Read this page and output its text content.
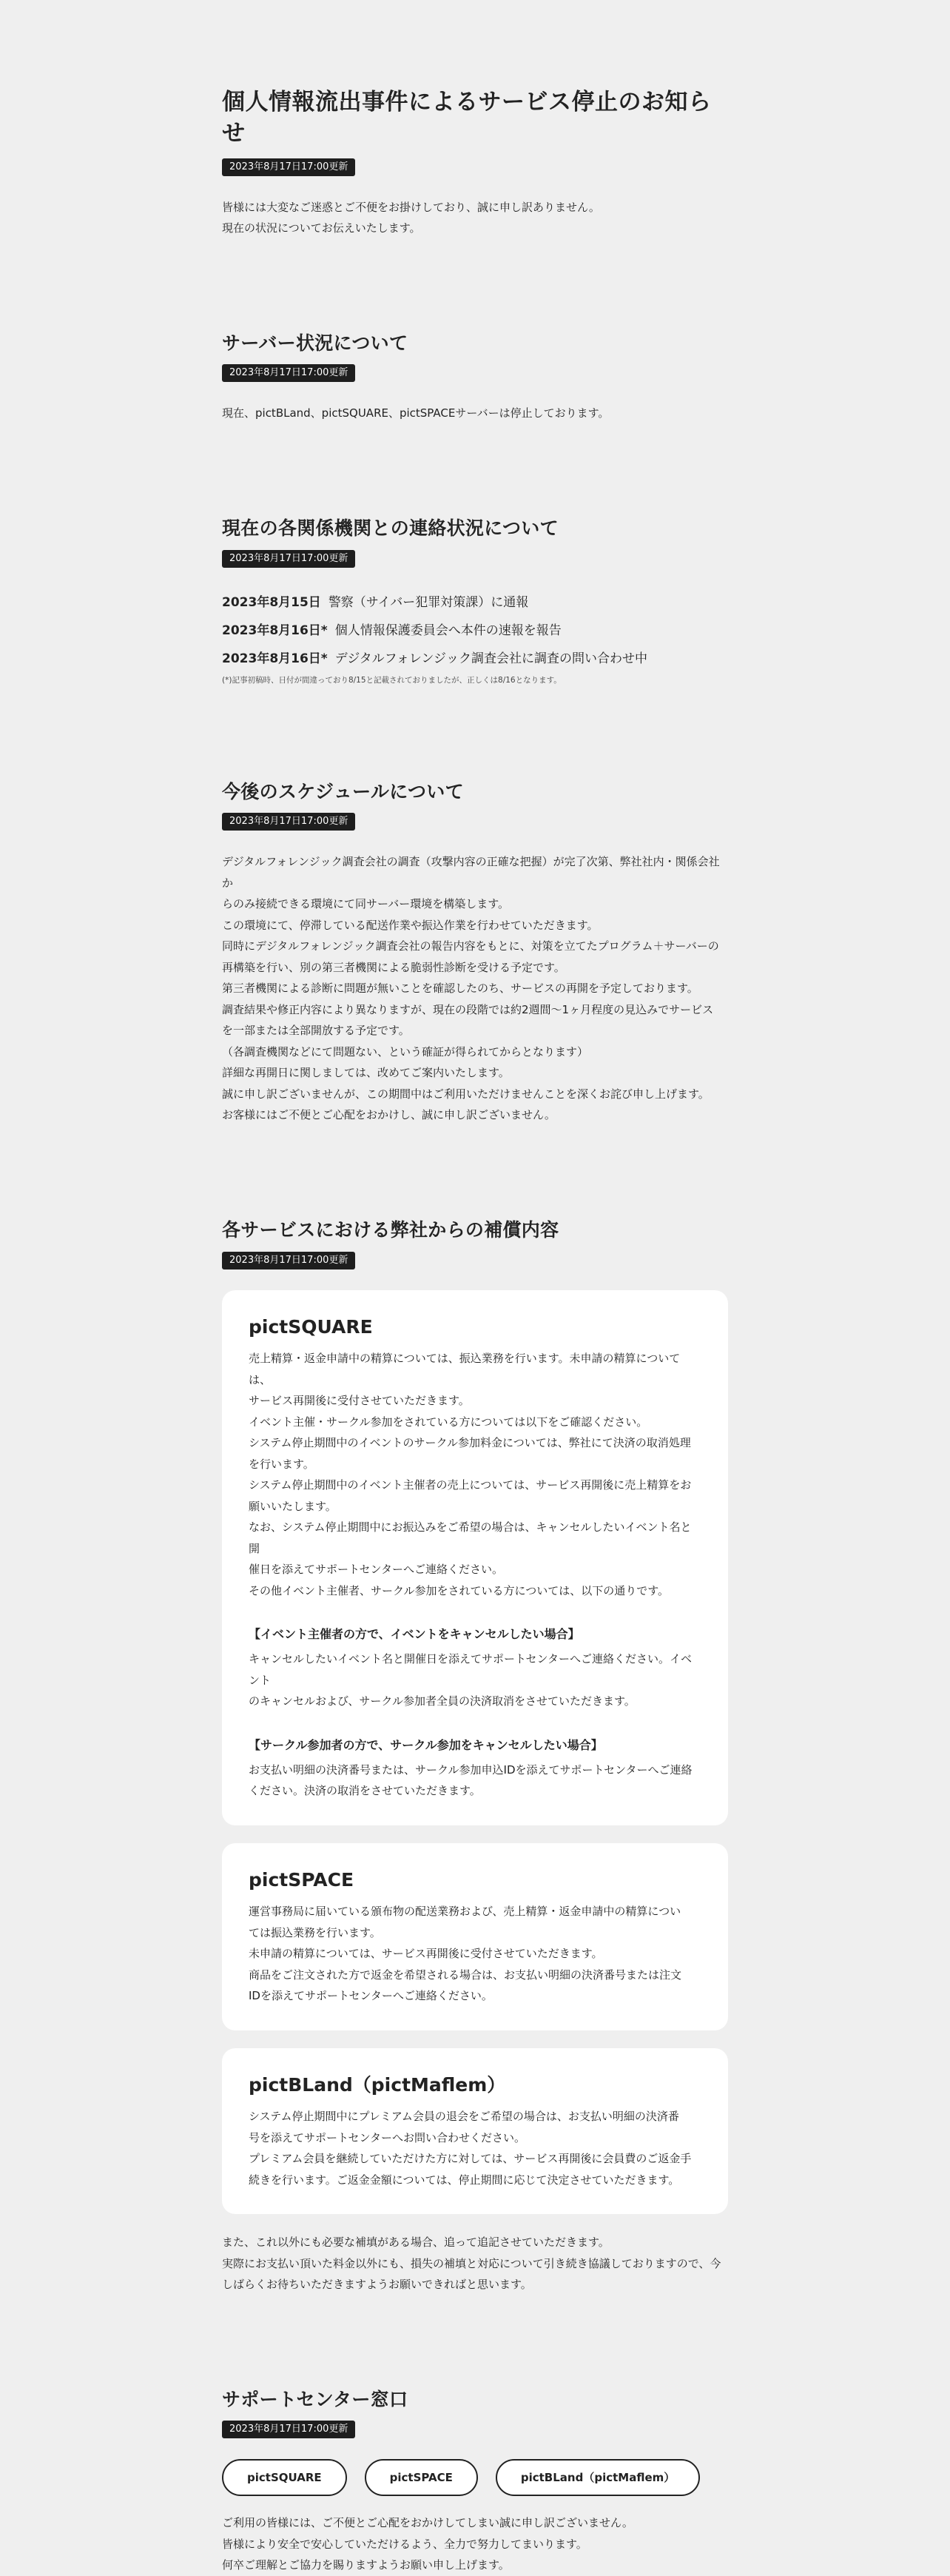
個人情報流出事件によるサービス停止のお知らせ
2023年8月17日17:00更新
皆様には大変なご迷惑とご不便をお掛けしており、誠に申し訳ありません。
現在の状況についてお伝えいたします。
サーバー状況について
2023年8月17日17:00更新
現在、pictBLand、pictSQUARE、pictSPACEサーバーは停止しております。
現在の各関係機関との連絡状況について
2023年8月17日17:00更新
2023年8月15日 警察（サイバー犯罪対策課）に通報
2023年8月16日* 個人情報保護委員会へ本件の速報を報告
2023年8月16日* デジタルフォレンジック調査会社に調査の問い合わせ中
(*)記事初稿時、日付が間違っており8/15と記載されておりましたが、正しくは8/16となります。
今後のスケジュールについて
2023年8月17日17:00更新
デジタルフォレンジック調査会社の調査（攻撃内容の正確な把握）が完了次第、弊社社内・関係会社か
らのみ接続できる環境にて同サーバー環境を構築します。
この環境にて、停滞している配送作業や振込作業を行わせていただきます。
同時にデジタルフォレンジック調査会社の報告内容をもとに、対策を立てたプログラム＋サーバーの
再構築を行い、別の第三者機関による脆弱性診断を受ける予定です。
第三者機関による診断に問題が無いことを確認したのち、サービスの再開を予定しております。
調査結果や修正内容により異なりますが、現在の段階では約2週間〜1ヶ月程度の見込みでサービス
を一部または全部開放する予定です。
（各調査機関などにて問題ない、という確証が得られてからとなります）
詳細な再開日に関しましては、改めてご案内いたします。
誠に申し訳ございませんが、この期間中はご利用いただけませんことを深くお詫び申し上げます。
お客様にはご不便とご心配をおかけし、誠に申し訳ございません。
各サービスにおける弊社からの補償内容
2023年8月17日17:00更新
pictSQUARE
売上精算・返金申請中の精算については、振込業務を行います。未申請の精算については、
サービス再開後に受付させていただきます。
イベント主催・サークル参加をされている方については以下をご確認ください。
システム停止期間中のイベントのサークル参加料金については、弊社にて決済の取消処理
を行います。
システム停止期間中のイベント主催者の売上については、サービス再開後に売上精算をお
願いいたします。
なお、システム停止期間中にお振込みをご希望の場合は、キャンセルしたいイベント名と開
催日を添えてサポートセンターへご連絡ください。
その他イベント主催者、サークル参加をされている方については、以下の通りです。
【イベント主催者の方で、イベントをキャンセルしたい場合】
キャンセルしたいイベント名と開催日を添えてサポートセンターへご連絡ください。イベント
のキャンセルおよび、サークル参加者全員の決済取消をさせていただきます。
【サークル参加者の方で、サークル参加をキャンセルしたい場合】
お支払い明細の決済番号または、サークル参加申込IDを添えてサポートセンターへご連絡
ください。決済の取消をさせていただきます。
pictSPACE
運営事務局に届いている頒布物の配送業務および、売上精算・返金申請中の精算につい
ては振込業務を行います。
未申請の精算については、サービス再開後に受付させていただきます。
商品をご注文された方で返金を希望される場合は、お支払い明細の決済番号または注文
IDを添えてサポートセンターへご連絡ください。
pictBLand（pictMaflem）
システム停止期間中にプレミアム会員の退会をご希望の場合は、お支払い明細の決済番
号を添えてサポートセンターへお問い合わせください。
プレミアム会員を継続していただけた方に対しては、サービス再開後に会員費のご返金手
続きを行います。ご返金金額については、停止期間に応じて決定させていただきます。
また、これ以外にも必要な補填がある場合、追って追記させていただきます。
実際にお支払い頂いた料金以外にも、損失の補填と対応について引き続き協議しておりますので、今
しばらくお待ちいただきますようお願いできればと思います。
サポートセンター窓口
2023年8月17日17:00更新
pictSQUARE	pictSPACE	pictBLand（pictMaflem）
ご利用の皆様には、ご不便とご心配をおかけしてしまい誠に申し訳ございません。
皆様により安全で安心していただけるよう、全力で努力してまいります。
何卒ご理解とご協力を賜りますようお願い申し上げます。
